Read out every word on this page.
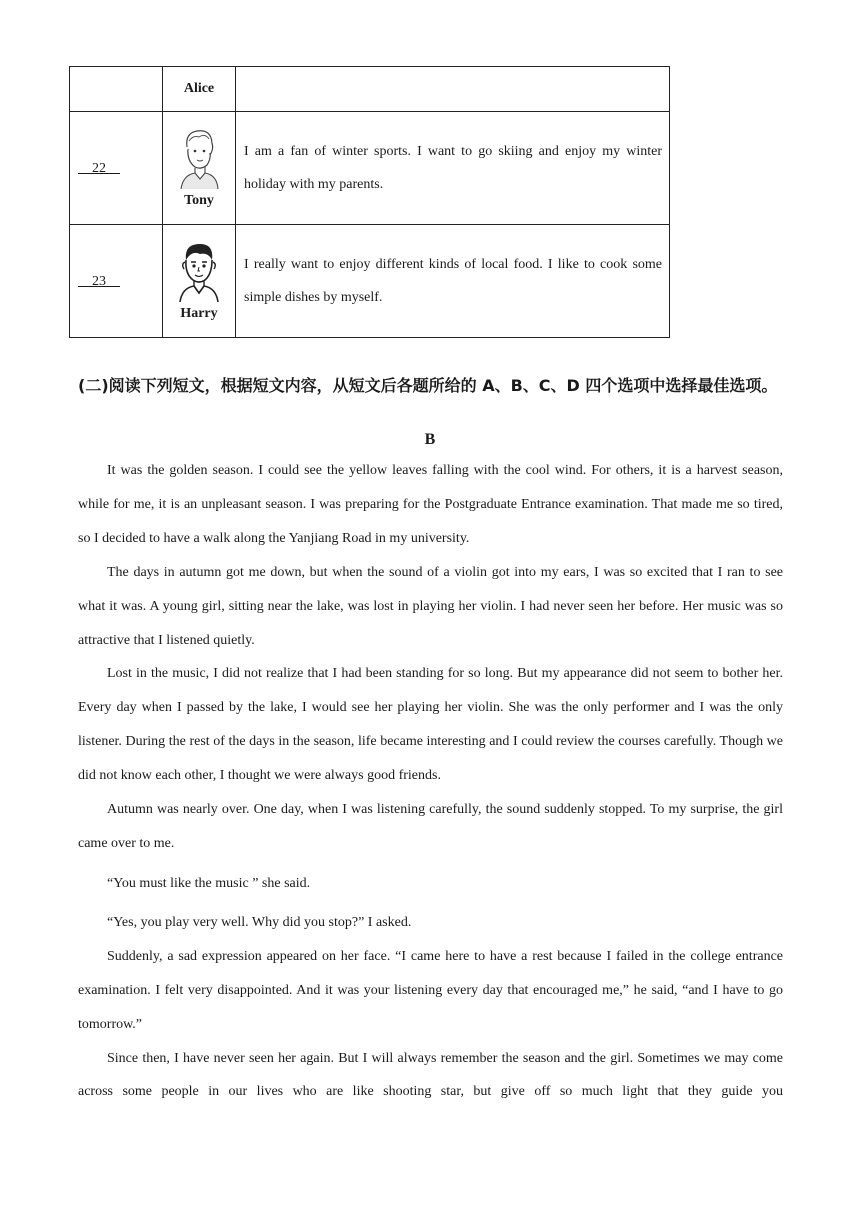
	Alice	

22	Tony	I am a fan of winter sports. I want to go skiing and enjoy my winter holiday with my parents.

23	Harry	I really want to enjoy different kinds of local food. I like to cook some simple dishes by myself.
(二)阅读下列短文，根据短文内容，从短文后各题所给的 A、B、C、D 四个选项中选择最佳选项。
B

It was the golden season. I could see the yellow leaves falling with the cool wind. For others, it is a harvest season, while for me, it is an unpleasant season. I was preparing for the Postgraduate Entrance examination. That made me so tired, so I decided to have a walk along the Yanjiang Road in my university.

The days in autumn got me down, but when the sound of a violin got into my ears, I was so excited that I ran to see what it was. A young girl, sitting near the lake, was lost in playing her violin. I had never seen her before. Her music was so attractive that I listened quietly.

Lost in the music, I did not realize that I had been standing for so long. But my appearance did not seem to bother her. Every day when I passed by the lake, I would see her playing her violin. She was the only performer and I was the only listener. During the rest of the days in the season, life became interesting and I could review the courses carefully. Though we did not know each other, I thought we were always good friends.

Autumn was nearly over. One day, when I was listening carefully, the sound suddenly stopped. To my surprise, the girl came over to me.

“You must like the music ” she said.

“Yes, you play very well. Why did you stop?” I asked.

Suddenly, a sad expression appeared on her face. “I came here to have a rest because I failed in the college entrance examination. I felt very disappointed. And it was your listening every day that encouraged me,” he said, “and I have to go tomorrow.”

Since then, I have never seen her again. But I will always remember the season and the girl. Sometimes we may come across some people in our lives who are like shooting star, but give off so much light that they guide you
